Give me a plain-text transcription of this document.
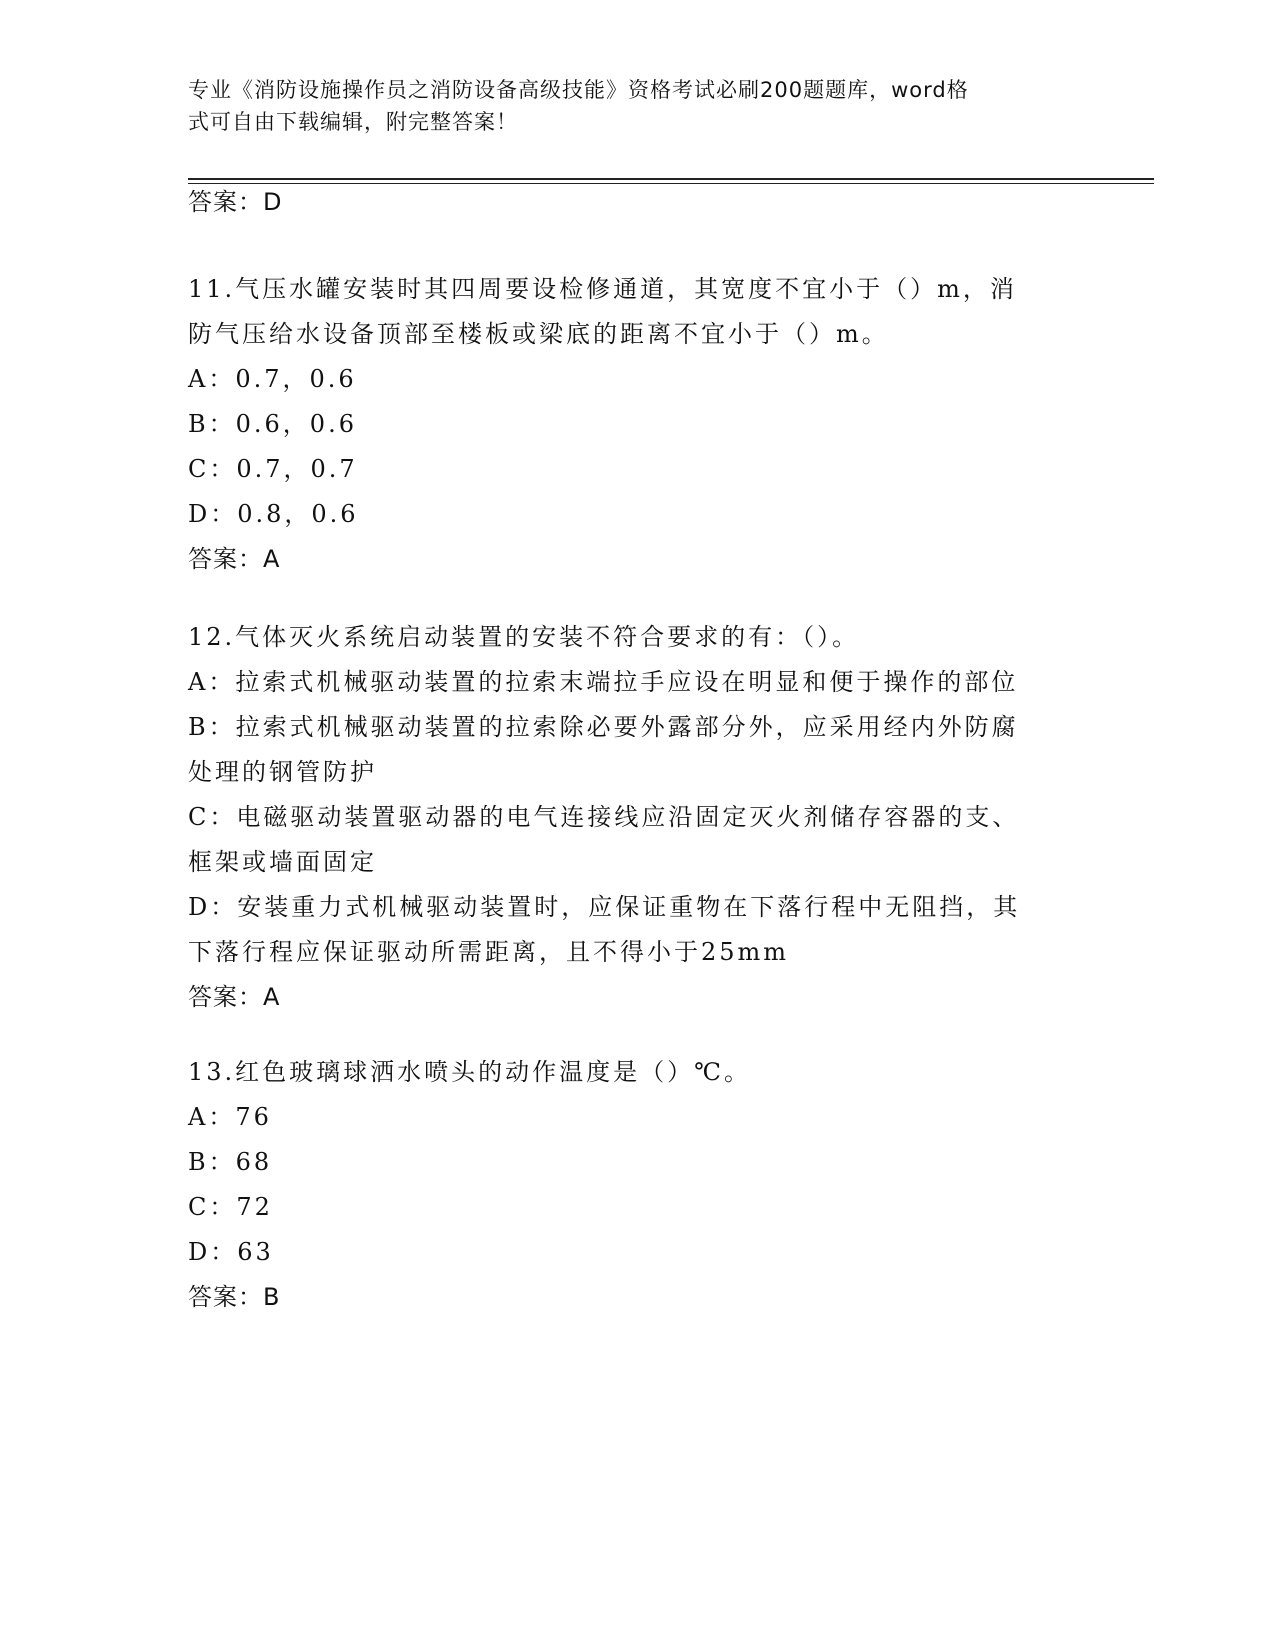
专业《消防设施操作员之消防设备高级技能》资格考试必刷200题题库，word格
式可自由下载编辑，附完整答案！
答案：D
11.气压水罐安装时其四周要设检修通道，其宽度不宜小于（）m，消
防气压给水设备顶部至楼板或梁底的距离不宜小于（）m。
A：0.7，0.6
B：0.6，0.6
C：0.7，0.7
D：0.8，0.6
答案：A
12.气体灭火系统启动装置的安装不符合要求的有：（）。
A：拉索式机械驱动装置的拉索末端拉手应设在明显和便于操作的部位
B：拉索式机械驱动装置的拉索除必要外露部分外，应采用经内外防腐
处理的钢管防护
C：电磁驱动装置驱动器的电气连接线应沿固定灭火剂储存容器的支、
框架或墙面固定
D：安装重力式机械驱动装置时，应保证重物在下落行程中无阻挡，其
下落行程应保证驱动所需距离，且不得小于25mm
答案：A
13.红色玻璃球洒水喷头的动作温度是（）℃。
A：76
B：68
C：72
D：63
答案：B
